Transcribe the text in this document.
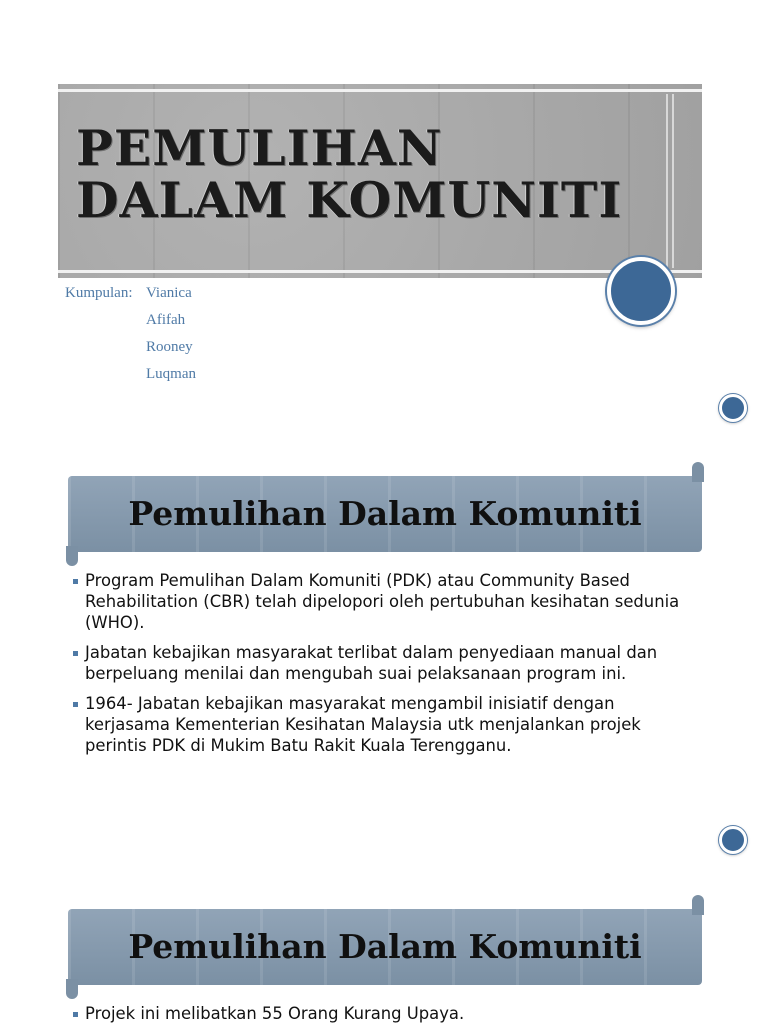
PEMULIHAN
DALAM KOMUNITI
Kumpulan: Vianica
Afifah
Rooney
Luqman
Pemulihan Dalam Komuniti
Program Pemulihan Dalam Komuniti (PDK) atau Community Based Rehabilitation (CBR) telah dipelopori oleh pertubuhan kesihatan sedunia (WHO).
Jabatan kebajikan masyarakat terlibat dalam penyediaan manual dan berpeluang menilai dan mengubah suai pelaksanaan program ini.
1964- Jabatan kebajikan masyarakat mengambil inisiatif dengan kerjasama Kementerian Kesihatan Malaysia utk menjalankan projek perintis PDK di Mukim Batu Rakit Kuala Terengganu.
Pemulihan Dalam Komuniti
Projek ini melibatkan 55 Orang Kurang Upaya.
